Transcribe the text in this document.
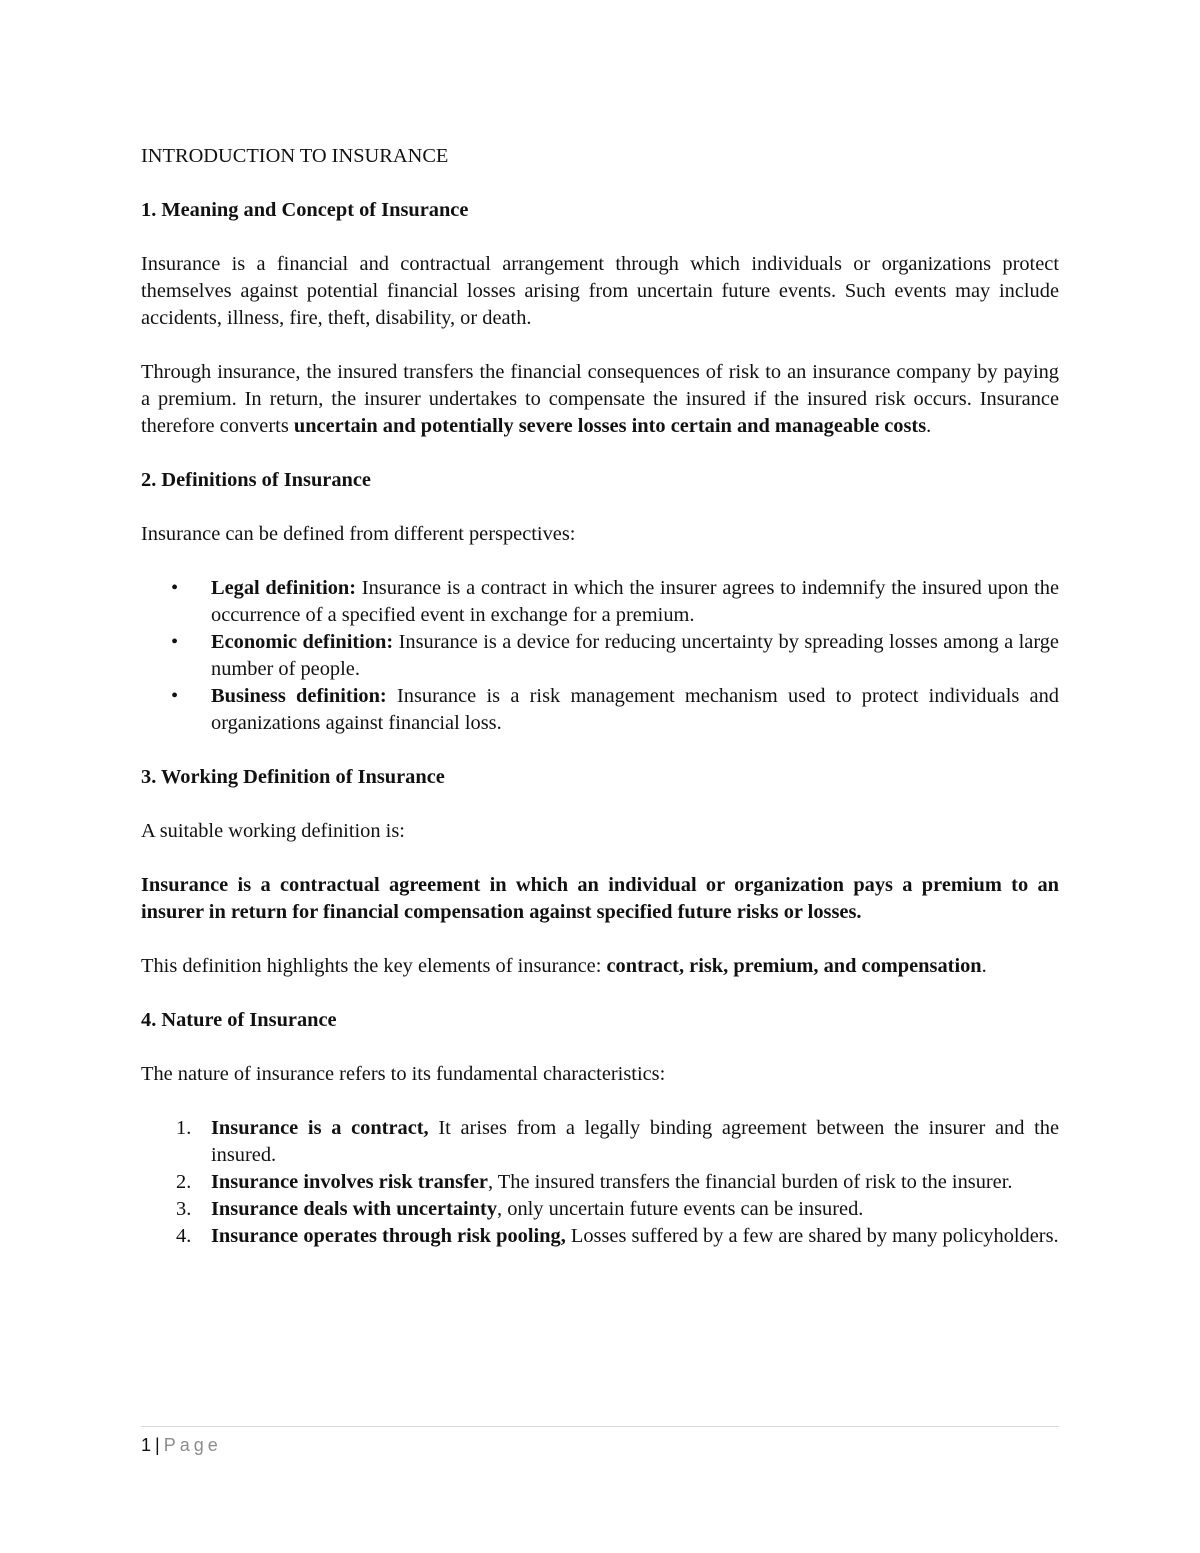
INTRODUCTION TO INSURANCE

1. Meaning and Concept of Insurance

Insurance is a financial and contractual arrangement through which individuals or organizations protect themselves against potential financial losses arising from uncertain future events. Such events may include accidents, illness, fire, theft, disability, or death.

Through insurance, the insured transfers the financial consequences of risk to an insurance company by paying a premium. In return, the insurer undertakes to compensate the insured if the insured risk occurs. Insurance therefore converts uncertain and potentially severe losses into certain and manageable costs.

2. Definitions of Insurance

Insurance can be defined from different perspectives:

• Legal definition: Insurance is a contract in which the insurer agrees to indemnify the insured upon the occurrence of a specified event in exchange for a premium.
• Economic definition: Insurance is a device for reducing uncertainty by spreading losses among a large number of people.
• Business definition: Insurance is a risk management mechanism used to protect individuals and organizations against financial loss.

3. Working Definition of Insurance

A suitable working definition is:

Insurance is a contractual agreement in which an individual or organization pays a premium to an insurer in return for financial compensation against specified future risks or losses.

This definition highlights the key elements of insurance: contract, risk, premium, and compensation.

4. Nature of Insurance

The nature of insurance refers to its fundamental characteristics:

1. Insurance is a contract, It arises from a legally binding agreement between the insurer and the insured.
2. Insurance involves risk transfer, The insured transfers the financial burden of risk to the insurer.
3. Insurance deals with uncertainty, only uncertain future events can be insured.
4. Insurance operates through risk pooling, Losses suffered by a few are shared by many policyholders.
1 | Page
